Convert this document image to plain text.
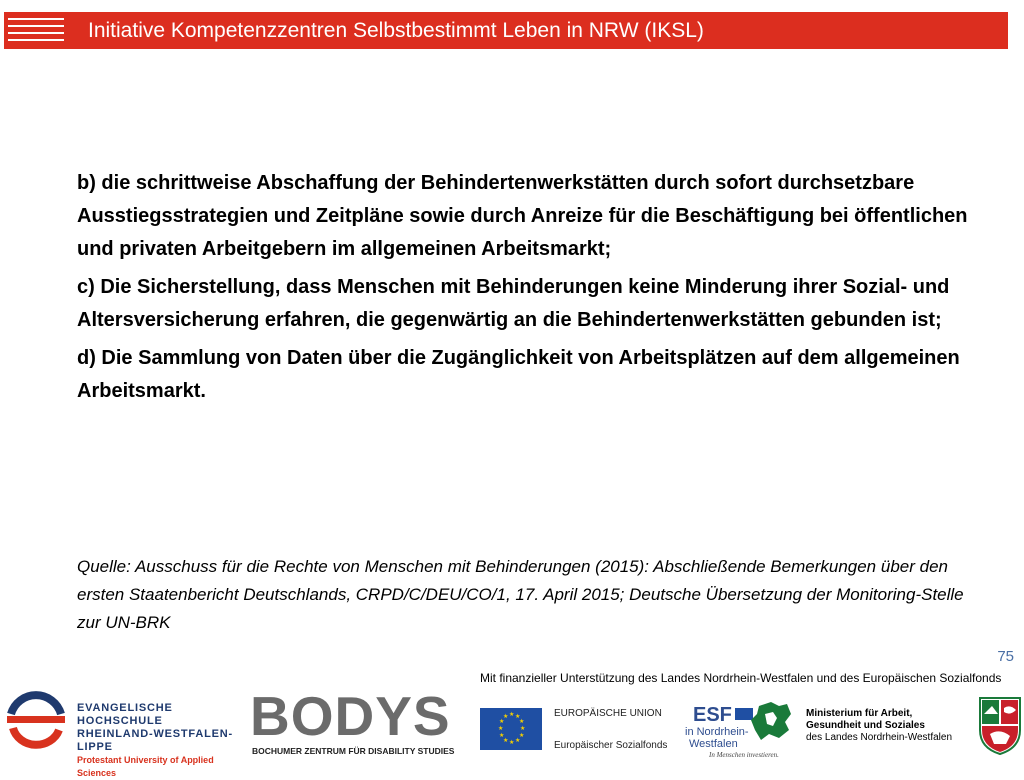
Initiative Kompetenzzentren Selbstbestimmt Leben in NRW (IKSL)

b) die schrittweise Abschaffung der Behindertenwerkstätten durch sofort durchsetzbare Ausstiegsstrategien und Zeitpläne sowie durch Anreize für die Beschäftigung bei öffentlichen und privaten Arbeitgebern im allgemeinen Arbeitsmarkt;

c) Die Sicherstellung, dass Menschen mit Behinderungen keine Minderung ihrer Sozial- und Altersversicherung erfahren, die gegenwärtig an die Behindertenwerkstätten gebunden ist;

d) Die Sammlung von Daten über die Zugänglichkeit von Arbeitsplätzen auf dem allgemeinen Arbeitsmarkt.

Quelle: Ausschuss für die Rechte von Menschen mit Behinderungen (2015): Abschließende Bemerkungen über den ersten Staatenbericht Deutschlands, CRPD/C/DEU/CO/1, 17. April 2015; Deutsche Übersetzung der Monitoring-Stelle zur UN-BRK
75
Mit finanzieller Unterstützung des Landes Nordrhein-Westfalen und des Europäischen Sozialfonds
EVANGELISCHE HOCHSCHULE
RHEINLAND-WESTFALEN-LIPPE
Protestant University of Applied Sciences
BODYS
BOCHUMER ZENTRUM FÜR DISABILITY STUDIES
★ ★
★
★
★
★
★
★
★
★
★
★	EUROPÄISCHE UNION
Europäischer Sozialfonds
ESF
in Nordrhein-
Westfalen
In Menschen investieren.
Ministerium für Arbeit,
Gesundheit und Soziales
des Landes Nordrhein-Westfalen
